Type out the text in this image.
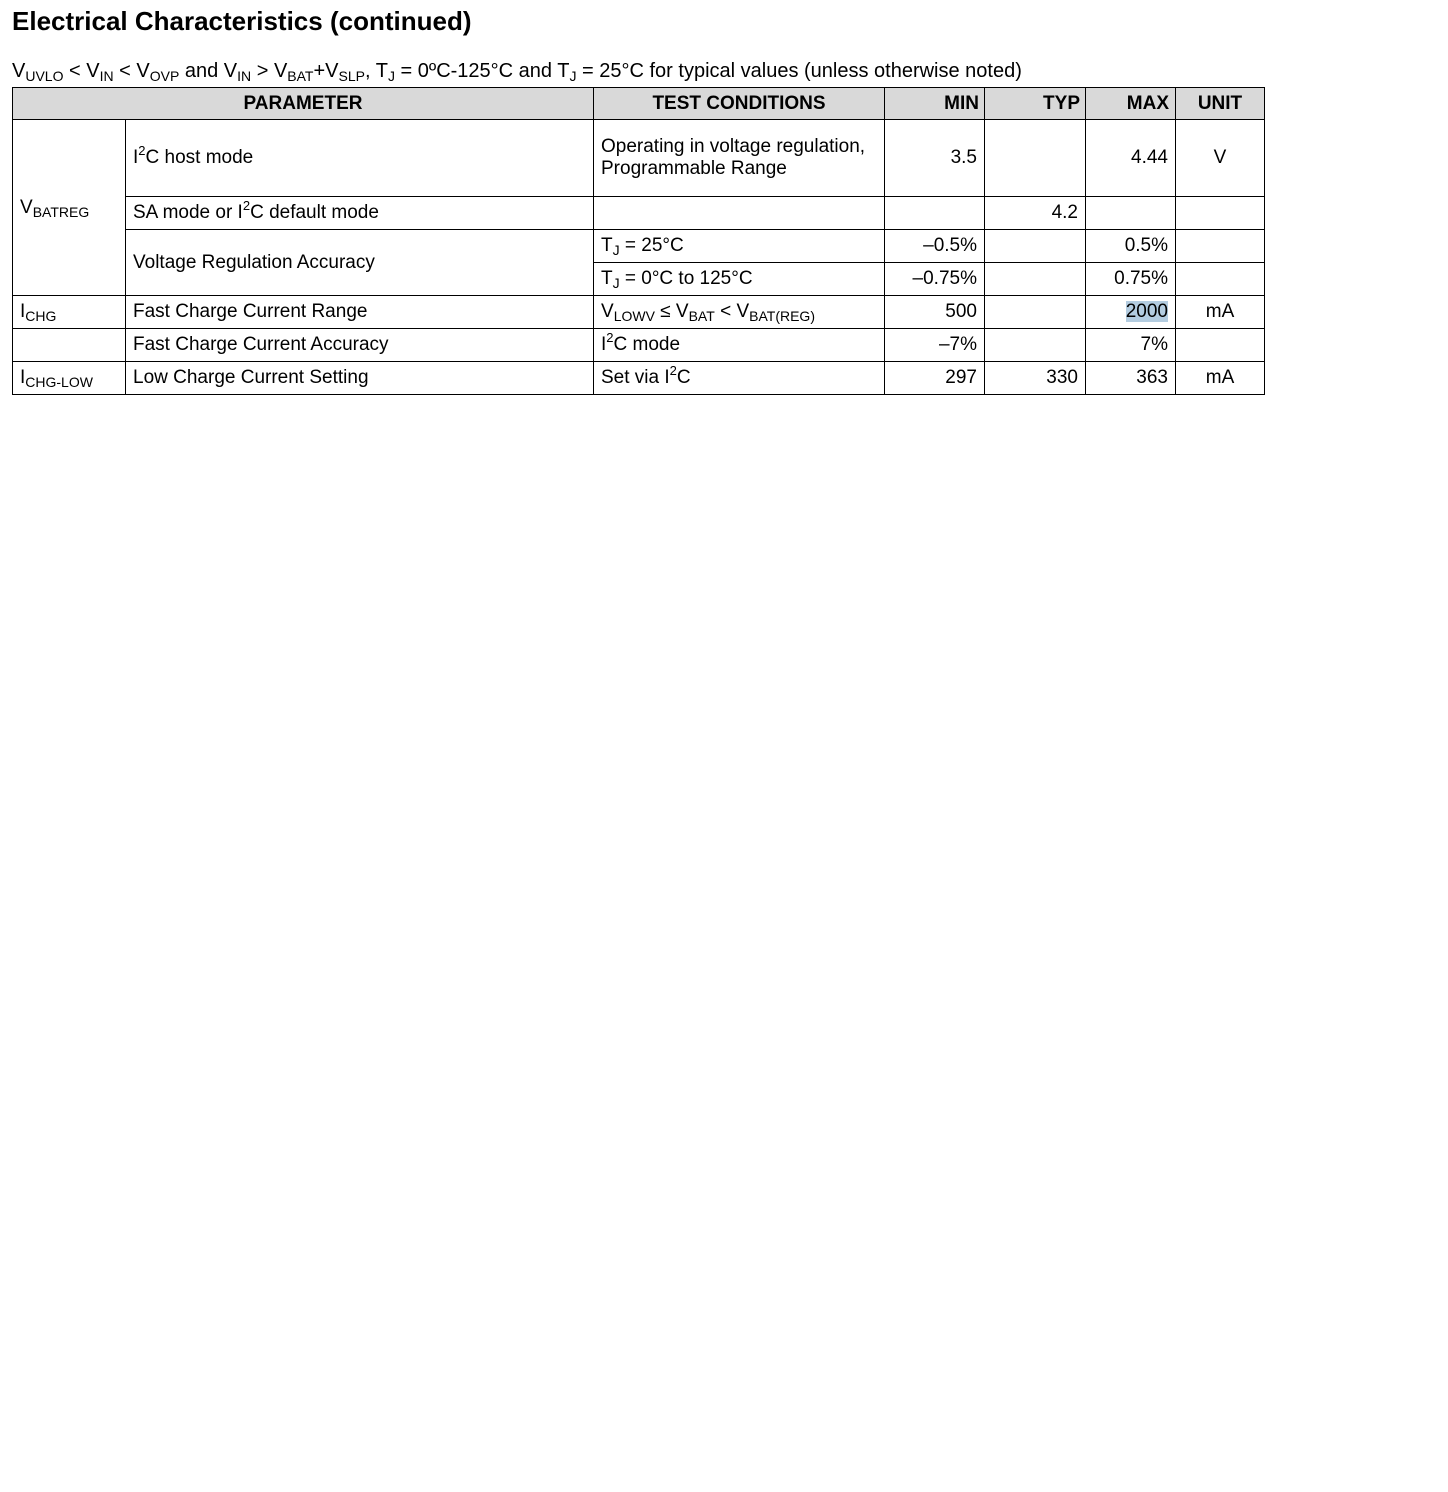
Electrical Characteristics (continued)
$V_{UVLO} < V_{IN} < V_{OVP}$ and $V_{IN} > V_{BAT}+V_{SLP}$, $T_J$ = 0ºC-125°C and $T_J = 25^\circ C$ for typical values (unless otherwise noted)
PARAMETER		TEST CONDITIONS	MIN	TYP	MAX	UNIT
$V_{BATREG}$	$I^2C$ host mode	Operating in voltage regulation, Programmable Range	3.5		4.44	V
	SA mode or $I^2C$ default mode			4.2		
	Voltage Regulation Accuracy	$T_J = 25^\circ C$	–0.5%		0.5%	
		$T_J = 0^\circ C$ to 125°C	–0.75%		0.75%	
$I_{CHG}$	Fast Charge Current Range	$V_{LOWV} \le V_{BAT} < V_{BAT(REG)}$	500		2000	mA
	Fast Charge Current Accuracy	$I^2C$ mode	–7%		7%	
$I_{CHG-LOW}$	Low Charge Current Setting	Set via $I^2C$	297	330	363	mA
